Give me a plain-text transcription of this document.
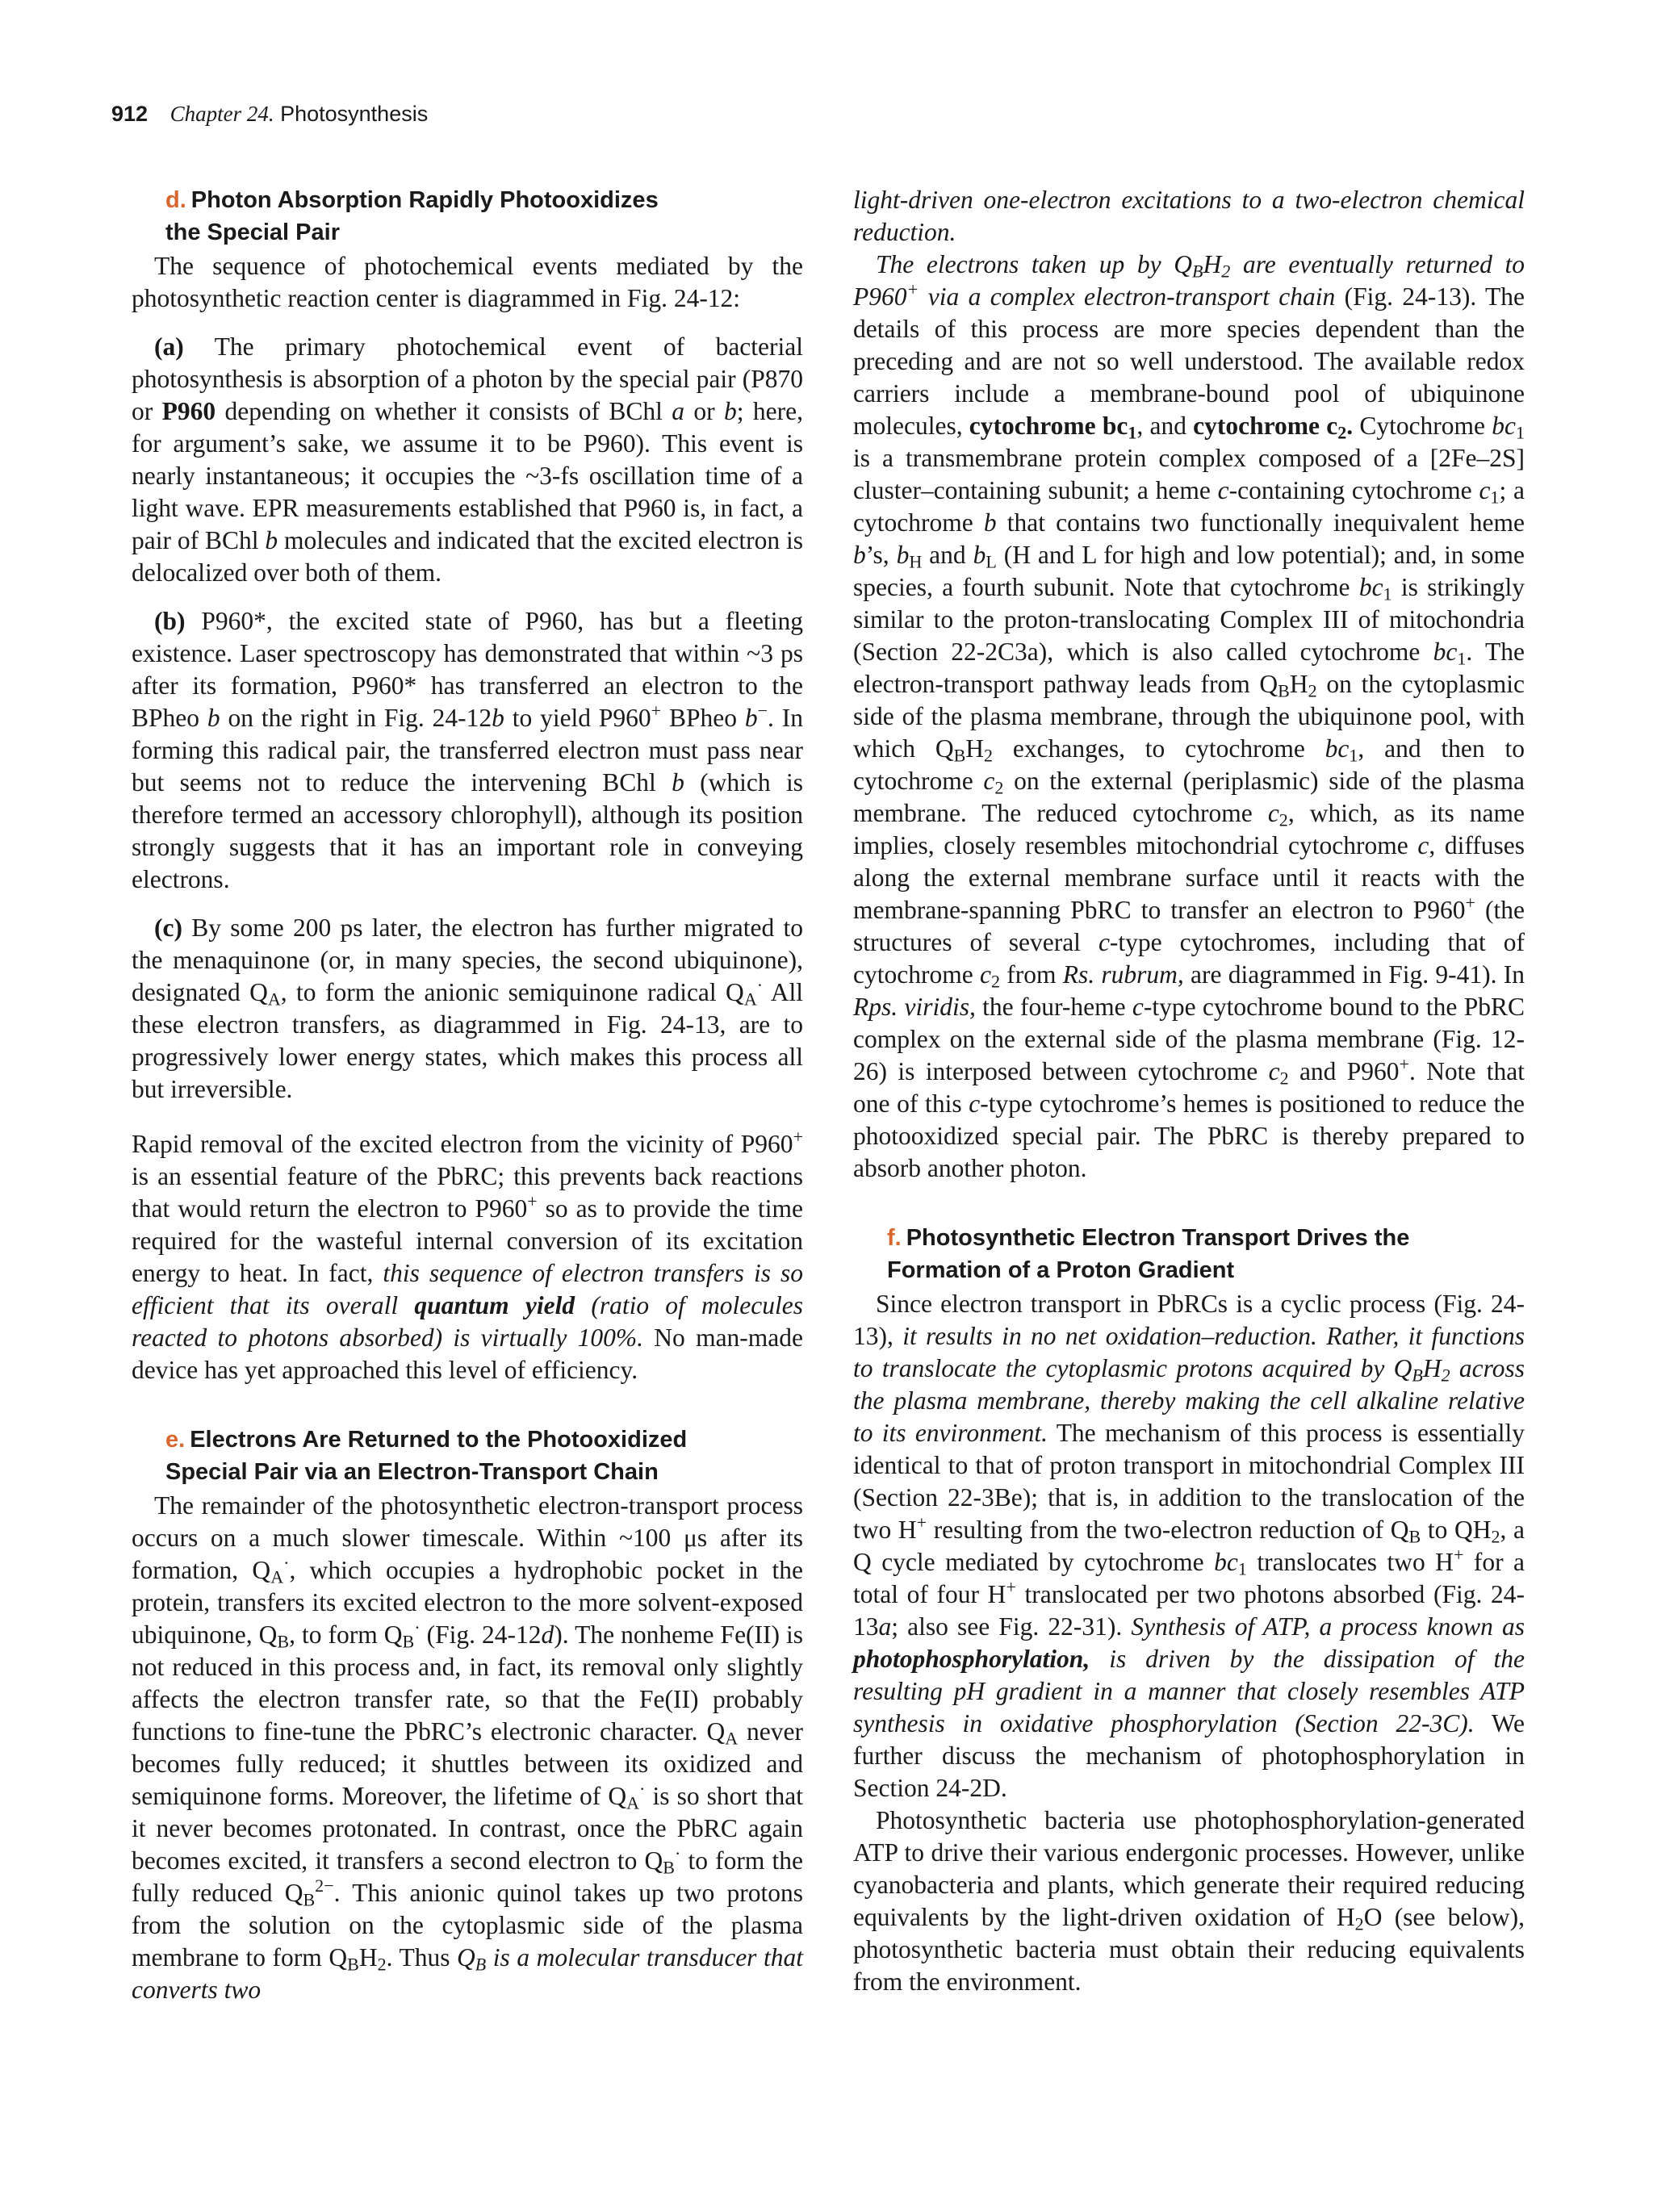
912 Chapter 24. Photosynthesis
d. Photon Absorption Rapidly Photooxidizes
the Special Pair

The sequence of photochemical events mediated by the photosynthetic reaction center is diagrammed in Fig. 24-12:

(a) The primary photochemical event of bacterial photosynthesis is absorption of a photon by the special pair (P870 or P960 depending on whether it consists of BChl a or b; here, for argument’s sake, we assume it to be P960). This event is nearly instantaneous; it occupies the ~3-fs oscillation time of a light wave. EPR measurements established that P960 is, in fact, a pair of BChl b molecules and indicated that the excited electron is delocalized over both of them.

(b) P960*, the excited state of P960, has but a fleeting existence. Laser spectroscopy has demonstrated that within ~3 ps after its formation, P960* has transferred an electron to the BPheo b on the right in Fig. 24-12b to yield P960+ BPheo b−. In forming this radical pair, the transferred electron must pass near but seems not to reduce the intervening BChl b (which is therefore termed an accessory chlorophyll), although its position strongly suggests that it has an important role in conveying electrons.

(c) By some 200 ps later, the electron has further migrated to the menaquinone (or, in many species, the second ubiquinone), designated $Q_A$, to form the anionic semiquinone radical $Q_A^\cdot$ All these electron transfers, as diagrammed in Fig. 24-13, are to progressively lower energy states, which makes this process all but irreversible.

Rapid removal of the excited electron from the vicinity of P960+ is an essential feature of the PbRC; this prevents back reactions that would return the electron to P960+ so as to provide the time required for the wasteful internal conversion of its excitation energy to heat. In fact, this sequence of electron transfers is so efficient that its overall quantum yield (ratio of molecules reacted to photons absorbed) is virtually 100%. No man-made device has yet approached this level of efficiency.

e. Electrons Are Returned to the Photooxidized
Special Pair via an Electron-Transport Chain

The remainder of the photosynthetic electron-transport process occurs on a much slower timescale. Within ~100 μs after its formation, $Q_A^\cdot$, which occupies a hydrophobic pocket in the protein, transfers its excited electron to the more solvent-exposed ubiquinone, $Q_B$, to form $Q_B^\cdot$ (Fig. 24-12d). The nonheme Fe(II) is not reduced in this process and, in fact, its removal only slightly affects the electron transfer rate, so that the Fe(II) probably functions to fine-tune the PbRC’s electronic character. $Q_A$ never becomes fully reduced; it shuttles between its oxidized and semiquinone forms. Moreover, the lifetime of $Q_A^\cdot$ is so short that it never becomes protonated. In contrast, once the PbRC again becomes excited, it transfers a second electron to $Q_B^\cdot$ to form the fully reduced $Q_B^{2-}$. This anionic quinol takes up two protons from the solution on the cytoplasmic side of the plasma membrane to form $Q_BH_2$. Thus $Q_B$ is a molecular transducer that converts two

light-driven one-electron excitations to a two-electron chemical reduction.

The electrons taken up by $Q_BH_2$ are eventually returned to P960+ via a complex electron-transport chain (Fig. 24-13). The details of this process are more species dependent than the preceding and are not so well understood. The available redox carriers include a membrane-bound pool of ubiquinone molecules, cytochrome $bc_1$, and cytochrome $c_2$. Cytochrome $bc_1$ is a transmembrane protein complex composed of a [2Fe–2S] cluster–containing subunit; a heme c-containing cytochrome $c_1$; a cytochrome b that contains two functionally inequivalent heme b’s, $b_H$ and $b_L$ (H and L for high and low potential); and, in some species, a fourth subunit. Note that cytochrome $bc_1$ is strikingly similar to the proton-translocating Complex III of mitochondria (Section 22-2C3a), which is also called cytochrome $bc_1$. The electron-transport pathway leads from $Q_BH_2$ on the cytoplasmic side of the plasma membrane, through the ubiquinone pool, with which $Q_BH_2$ exchanges, to cytochrome $bc_1$, and then to cytochrome $c_2$ on the external (periplasmic) side of the plasma membrane. The reduced cytochrome $c_2$, which, as its name implies, closely resembles mitochondrial cytochrome c, diffuses along the external membrane surface until it reacts with the membrane-spanning PbRC to transfer an electron to P960+ (the structures of several c-type cytochromes, including that of cytochrome $c_2$ from Rs. rubrum, are diagrammed in Fig. 9-41). In Rps. viridis, the four-heme c-type cytochrome bound to the PbRC complex on the external side of the plasma membrane (Fig. 12-26) is interposed between cytochrome $c_2$ and P960+. Note that one of this c-type cytochrome’s hemes is positioned to reduce the photooxidized special pair. The PbRC is thereby prepared to absorb another photon.

f. Photosynthetic Electron Transport Drives the
Formation of a Proton Gradient

Since electron transport in PbRCs is a cyclic process (Fig. 24-13), it results in no net oxidation–reduction. Rather, it functions to translocate the cytoplasmic protons acquired by $Q_BH_2$ across the plasma membrane, thereby making the cell alkaline relative to its environment. The mechanism of this process is essentially identical to that of proton transport in mitochondrial Complex III (Section 22-3Be); that is, in addition to the translocation of the two H+ resulting from the two-electron reduction of $Q_B$ to $QH_2$, a Q cycle mediated by cytochrome $bc_1$ translocates two H+ for a total of four H+ translocated per two photons absorbed (Fig. 24-13a; also see Fig. 22-31). Synthesis of ATP, a process known as photophosphorylation, is driven by the dissipation of the resulting pH gradient in a manner that closely resembles ATP synthesis in oxidative phosphorylation (Section 22-3C). We further discuss the mechanism of photophosphorylation in Section 24-2D.

Photosynthetic bacteria use photophosphorylation-generated ATP to drive their various endergonic processes. However, unlike cyanobacteria and plants, which generate their required reducing equivalents by the light-driven oxidation of $H_2O$ (see below), photosynthetic bacteria must obtain their reducing equivalents from the environment.
